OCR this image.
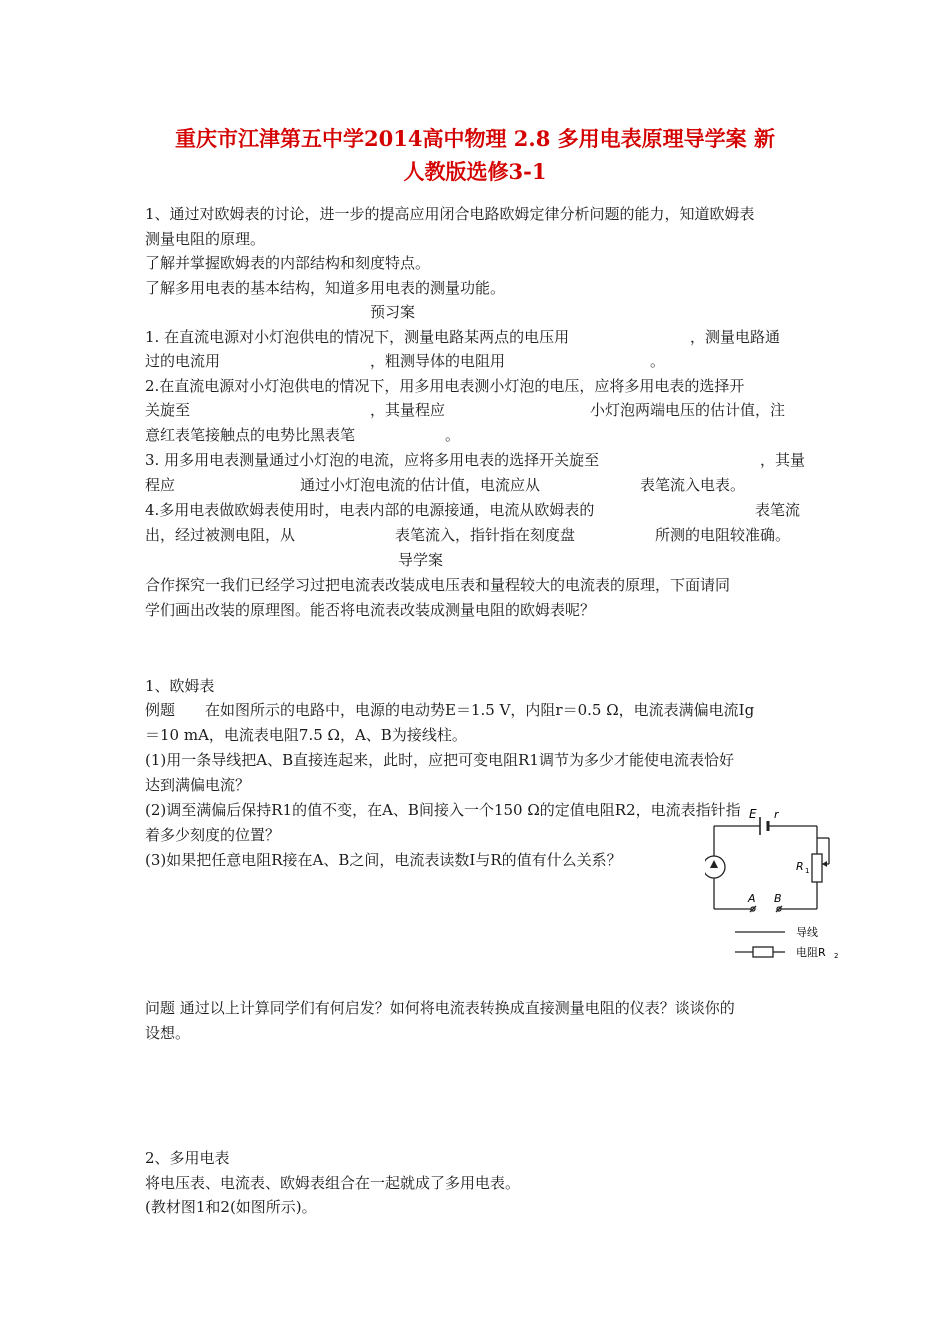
重庆市江津第五中学2014高中物理 2.8 多用电表原理导学案 新
人教版选修3-1
1、通过对欧姆表的讨论，进一步的提高应用闭合电路欧姆定律分析问题的能力，知道欧姆表
测量电阻的原理。
了解并掌握欧姆表的内部结构和刻度特点。
了解多用电表的基本结构，知道多用电表的测量功能。
预习案
1. 在直流电源对小灯泡供电的情况下，测量电路某两点的电压用	，测量电路通
过的电流用	，粗测导体的电阻用	。
2.在直流电源对小灯泡供电的情况下，用多用电表测小灯泡的电压，应将多用电表的选择开
关旋至	，其量程应	小灯泡两端电压的估计值，注
意红表笔接触点的电势比黑表笔	。
3. 用多用电表测量通过小灯泡的电流，应将多用电表的选择开关旋至	，其量
程应	通过小灯泡电流的估计值，电流应从	表笔流入电表。
4.多用电表做欧姆表使用时，电表内部的电源接通，电流从欧姆表的	表笔流
出，经过被测电阻，从	表笔流入，指针指在刻度盘	所测的电阻较准确。
导学案
合作探究一我们已经学习过把电流表改装成电压表和量程较大的电流表的原理，下面请同
学们画出改装的原理图。能否将电流表改装成测量电阻的欧姆表呢？
1、欧姆表
例题　　在如图所示的电路中，电源的电动势E＝1.5 V，内阻r＝0.5 Ω，电流表满偏电流Ig
＝10 mA，电流表电阻7.5 Ω，A、B为接线柱。
(1)用一条导线把A、B直接连起来，此时，应把可变电阻R1调节为多少才能使电流表恰好
达到满偏电流？
(2)调至满偏后保持R1的值不变，在A、B间接入一个150 Ω的定值电阻R2，电流表指针指
着多少刻度的位置？
(3)如果把任意电阻R接在A、B之间，电流表读数I与R的值有什么关系？
E r
R 1
A B
导线
电阻R 2
问题 通过以上计算同学们有何启发？如何将电流表转换成直接测量电阻的仪表？谈谈你的
设想。
2、多用电表
将电压表、电流表、欧姆表组合在一起就成了多用电表。
(教材图1和2(如图所示)。
